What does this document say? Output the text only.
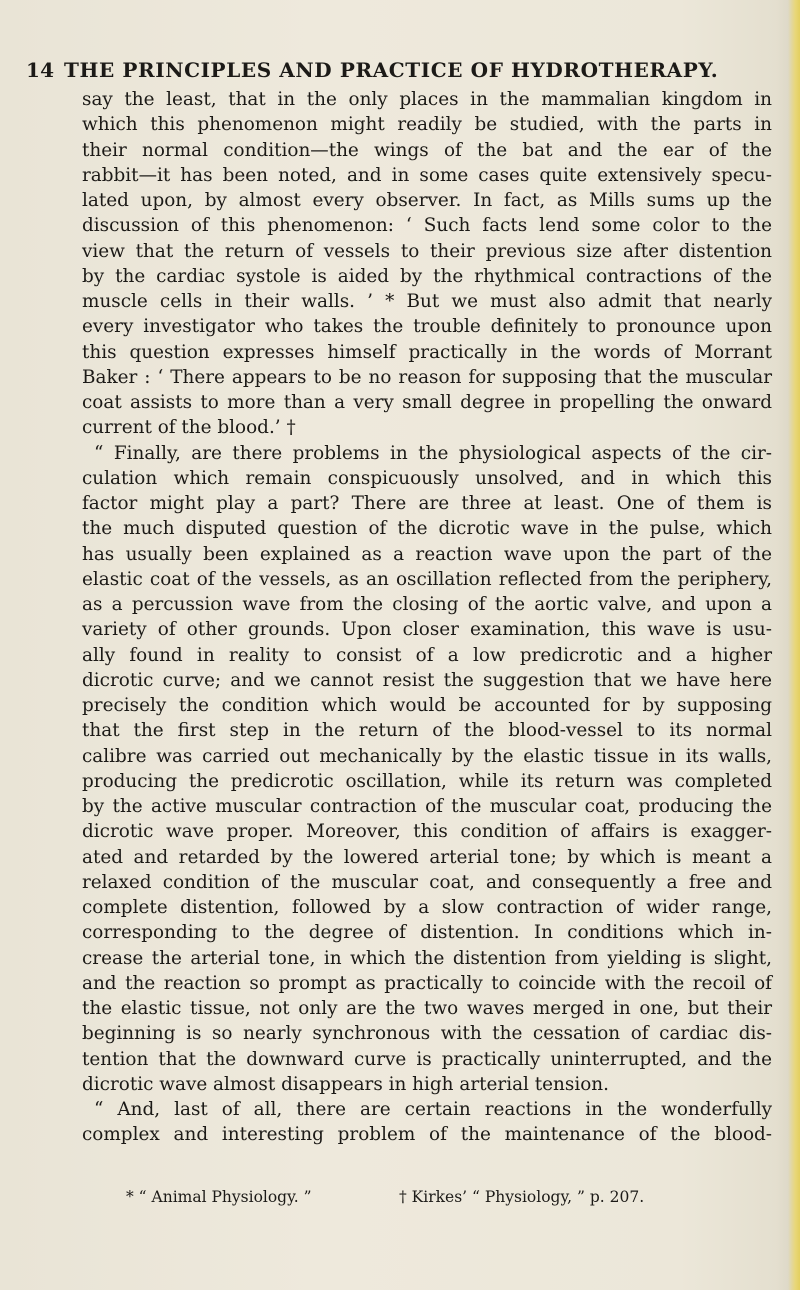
14 THE PRINCIPLES AND PRACTICE OF HYDROTHERAPY.
say the least, that in the only places in the mammalian kingdom in
which this phenomenon might readily be studied, with the parts in
their normal condition—the wings of the bat and the ear of the
rabbit—it has been noted, and in some cases quite extensively specu-
lated upon, by almost every observer. In fact, as Mills sums up the
discussion of this phenomenon: ‘ Such facts lend some color to the
view that the return of vessels to their previous size after distention
by the cardiac systole is aided by the rhythmical contractions of the
muscle cells in their walls. ’ * But we must also admit that nearly
every investigator who takes the trouble definitely to pronounce upon
this question expresses himself practically in the words of Morrant
Baker : ‘ There appears to be no reason for supposing that the muscular
coat assists to more than a very small degree in propelling the onward
current of the blood.’ †
“ Finally, are there problems in the physiological aspects of the cir-
culation which remain conspicuously unsolved, and in which this
factor might play a part? There are three at least. One of them is
the much disputed question of the dicrotic wave in the pulse, which
has usually been explained as a reaction wave upon the part of the
elastic coat of the vessels, as an oscillation reflected from the periphery,
as a percussion wave from the closing of the aortic valve, and upon a
variety of other grounds. Upon closer examination, this wave is usu-
ally found in reality to consist of a low predicrotic and a higher
dicrotic curve; and we cannot resist the suggestion that we have here
precisely the condition which would be accounted for by supposing
that the first step in the return of the blood-vessel to its normal
calibre was carried out mechanically by the elastic tissue in its walls,
producing the predicrotic oscillation, while its return was completed
by the active muscular contraction of the muscular coat, producing the
dicrotic wave proper. Moreover, this condition of affairs is exagger-
ated and retarded by the lowered arterial tone; by which is meant a
relaxed condition of the muscular coat, and consequently a free and
complete distention, followed by a slow contraction of wider range,
corresponding to the degree of distention. In conditions which in-
crease the arterial tone, in which the distention from yielding is slight,
and the reaction so prompt as practically to coincide with the recoil of
the elastic tissue, not only are the two waves merged in one, but their
beginning is so nearly synchronous with the cessation of cardiac dis-
tention that the downward curve is practically uninterrupted, and the
dicrotic wave almost disappears in high arterial tension.
“ And, last of all, there are certain reactions in the wonderfully
complex and interesting problem of the maintenance of the blood-
* “ Animal Physiology. ”	† Kirkes’ “ Physiology, ” p. 207.
